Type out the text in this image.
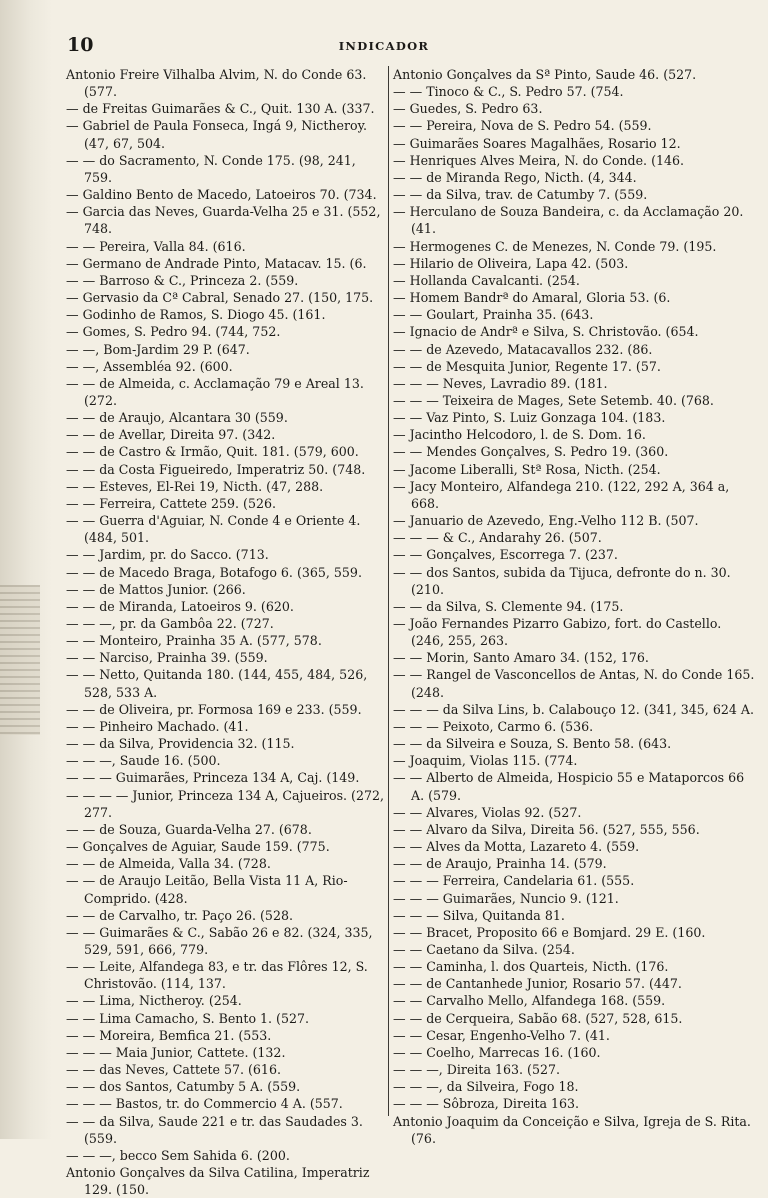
10	INDICADOR

Antonio Freire Vilhalba Alvim, N. do Conde 63. (577.

— de Freitas Guimarães & C., Quit. 130 A. (337.

— Gabriel de Paula Fonseca, Ingá 9, Nictheroy. (47, 67, 504.

— — do Sacramento, N. Conde 175. (98, 241, 759.

— Galdino Bento de Macedo, Latoeiros 70. (734.

— Garcia das Neves, Guarda-Velha 25 e 31. (552, 748.

— — Pereira, Valla 84. (616.

— Germano de Andrade Pinto, Matacav. 15. (6.

— — Barroso & C., Princeza 2. (559.

— Gervasio da Cª Cabral, Senado 27. (150, 175.

— Godinho de Ramos, S. Diogo 45. (161.

— Gomes, S. Pedro 94. (744, 752.

— —, Bom-Jardim 29 P. (647.

— —, Assembléa 92. (600.

— — de Almeida, c. Acclamação 79 e Areal 13. (272.

— — de Araujo, Alcantara 30 (559.

— — de Avellar, Direita 97. (342.

— — de Castro & Irmão, Quit. 181. (579, 600.

— — da Costa Figueiredo, Imperatriz 50. (748.

— — Esteves, El-Rei 19, Nicth. (47, 288.

— — Ferreira, Cattete 259. (526.

— — Guerra d'Aguiar, N. Conde 4 e Oriente 4. (484, 501.

— — Jardim, pr. do Sacco. (713.

— — de Macedo Braga, Botafogo 6. (365, 559.

— — de Mattos Junior. (266.

— — de Miranda, Latoeiros 9. (620.

— — —, pr. da Gambôa 22. (727.

— — Monteiro, Prainha 35 A. (577, 578.

— — Narciso, Prainha 39. (559.

— — Netto, Quitanda 180. (144, 455, 484, 526, 528, 533 A.

— — de Oliveira, pr. Formosa 169 e 233. (559.

— — Pinheiro Machado. (41.

— — da Silva, Providencia 32. (115.

— — —, Saude 16. (500.

— — — Guimarães, Princeza 134 A, Caj. (149.

— — — — Junior, Princeza 134 A, Cajueiros. (272, 277.

— — de Souza, Guarda-Velha 27. (678.

— Gonçalves de Aguiar, Saude 159. (775.

— — de Almeida, Valla 34. (728.

— — de Araujo Leitão, Bella Vista 11 A, Rio-Comprido. (428.

— — de Carvalho, tr. Paço 26. (528.

— — Guimarães & C., Sabão 26 e 82. (324, 335, 529, 591, 666, 779.

— — Leite, Alfandega 83, e tr. das Flôres 12, S. Christovão. (114, 137.

— — Lima, Nictheroy. (254.

— — Lima Camacho, S. Bento 1. (527.

— — Moreira, Bemfica 21. (553.

— — — Maia Junior, Cattete. (132.

— — das Neves, Cattete 57. (616.

— — dos Santos, Catumby 5 A. (559.

— — — Bastos, tr. do Commercio 4 A. (557.

— — da Silva, Saude 221 e tr. das Saudades 3. (559.

— — —, becco Sem Sahida 6. (200.

Antonio Gonçalves da Silva Catilina, Imperatriz 129. (150.

Antonio Gonçalves da Sª Pinto, Saude 46. (527.

— — Tinoco & C., S. Pedro 57. (754.

— Guedes, S. Pedro 63.

— — Pereira, Nova de S. Pedro 54. (559.

— Guimarães Soares Magalhães, Rosario 12.

— Henriques Alves Meira, N. do Conde. (146.

— — de Miranda Rego, Nicth. (4, 344.

— — da Silva, trav. de Catumby 7. (559.

— Herculano de Souza Bandeira, c. da Acclamação 20. (41.

— Hermogenes C. de Menezes, N. Conde 79. (195.

— Hilario de Oliveira, Lapa 42. (503.

— Hollanda Cavalcanti. (254.

— Homem Bandrª do Amaral, Gloria 53. (6.

— — Goulart, Prainha 35. (643.

— Ignacio de Andrª e Silva, S. Christovão. (654.

— — de Azevedo, Matacavallos 232. (86.

— — de Mesquita Junior, Regente 17. (57.

— — — Neves, Lavradio 89. (181.

— — — Teixeira de Mages, Sete Setemb. 40. (768.

— — Vaz Pinto, S. Luiz Gonzaga 104. (183.

— Jacintho Helcodoro, l. de S. Dom. 16.

— — Mendes Gonçalves, S. Pedro 19. (360.

— Jacome Liberalli, Stª Rosa, Nicth. (254.

— Jacy Monteiro, Alfandega 210. (122, 292 A, 364 a, 668.

— Januario de Azevedo, Eng.-Velho 112 B. (507.

— — — & C., Andarahy 26. (507.

— — Gonçalves, Escorrega 7. (237.

— — dos Santos, subida da Tijuca, defronte do n. 30. (210.

— — da Silva, S. Clemente 94. (175.

— João Fernandes Pizarro Gabizo, fort. do Castello. (246, 255, 263.

— — Morin, Santo Amaro 34. (152, 176.

— — Rangel de Vasconcellos de Antas, N. do Conde 165. (248.

— — — da Silva Lins, b. Calabouço 12. (341, 345, 624 A.

— — — Peixoto, Carmo 6. (536.

— — da Silveira e Souza, S. Bento 58. (643.

— Joaquim, Violas 115. (774.

— — Alberto de Almeida, Hospicio 55 e Mataporcos 66 A. (579.

— — Alvares, Violas 92. (527.

— — Alvaro da Silva, Direita 56. (527, 555, 556.

— — Alves da Motta, Lazareto 4. (559.

— — de Araujo, Prainha 14. (579.

— — — Ferreira, Candelaria 61. (555.

— — — Guimarães, Nuncio 9. (121.

— — — Silva, Quitanda 81.

— — Bracet, Proposito 66 e Bomjard. 29 E. (160.

— — Caetano da Silva. (254.

— — Caminha, l. dos Quarteis, Nicth. (176.

— — de Cantanhede Junior, Rosario 57. (447.

— — Carvalho Mello, Alfandega 168. (559.

— — de Cerqueira, Sabão 68. (527, 528, 615.

— — Cesar, Engenho-Velho 7. (41.

— — Coelho, Marrecas 16. (160.

— — —, Direita 163. (527.

— — —, da Silveira, Fogo 18.

— — — Sôbroza, Direita 163.

Antonio Joaquim da Conceição e Silva, Igreja de S. Rita. (76.
